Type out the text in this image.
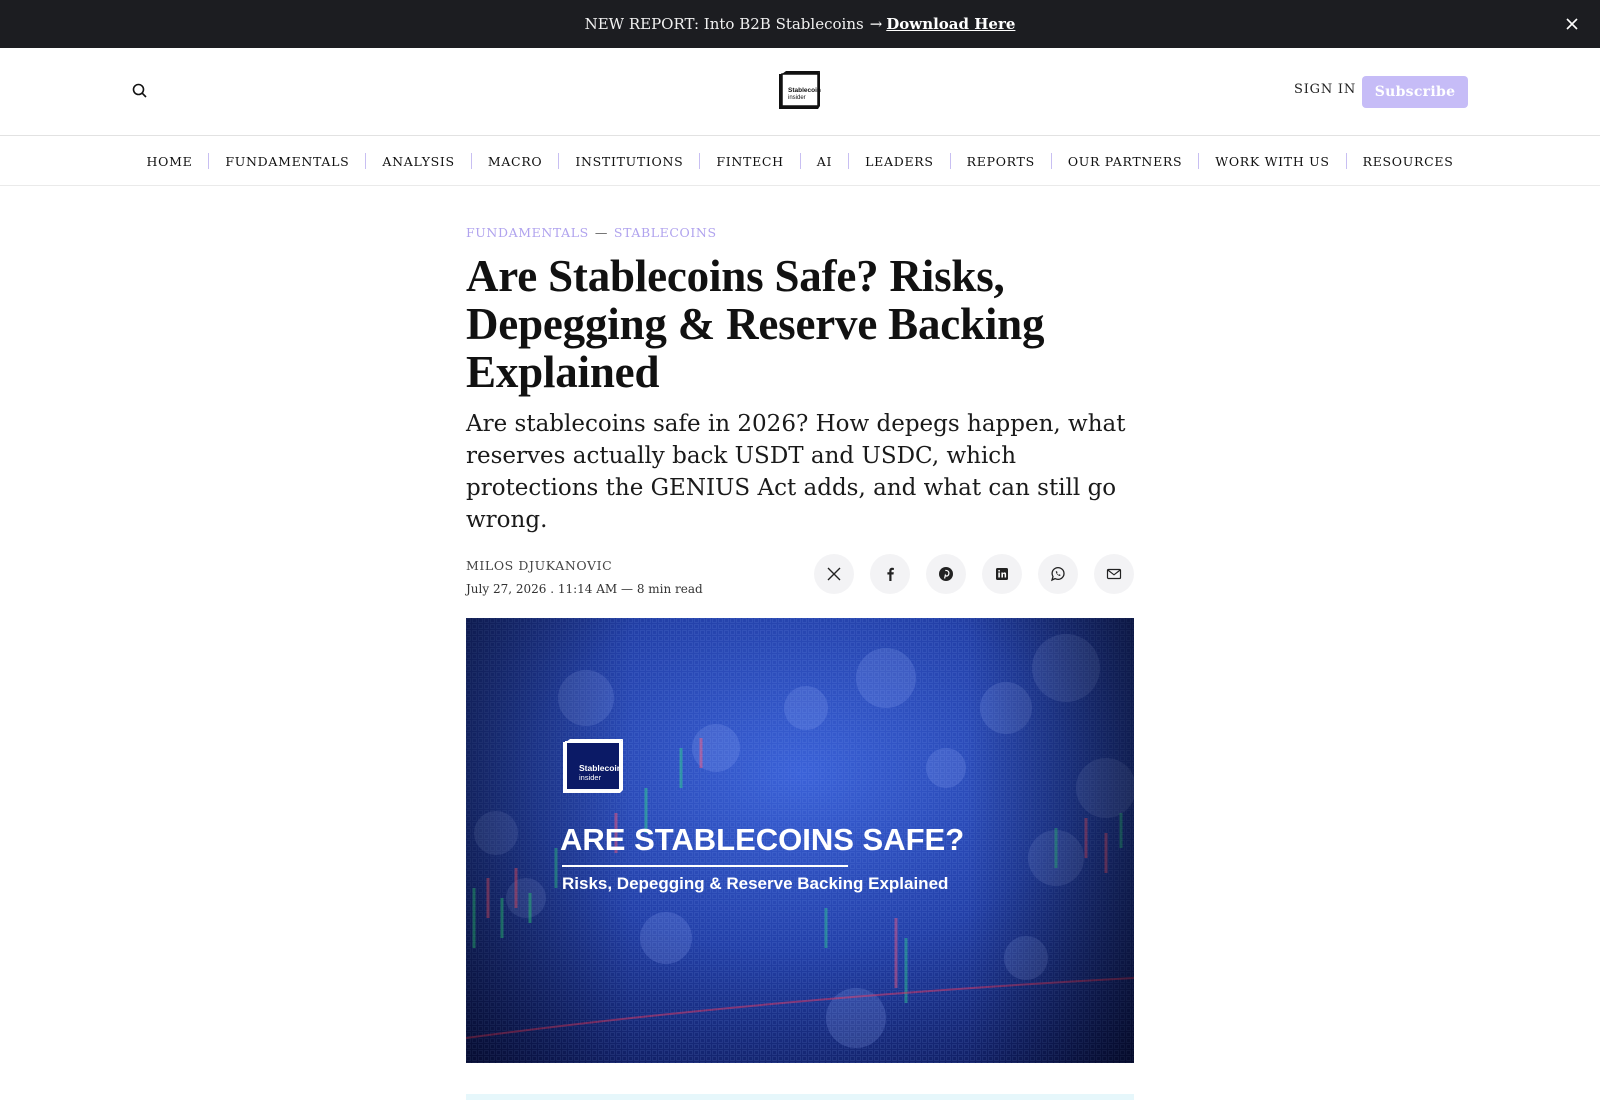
NEW REPORT: Into B2B Stablecoins → Download Here
Stablecoin
insider
SIGN IN	Subscribe
HOME	FUNDAMENTALS	ANALYSIS	MACRO	INSTITUTIONS	FINTECH	AI	LEADERS	REPORTS	OUR PARTNERS	WORK WITH US	RESOURCES
FUNDAMENTALS — STABLECOINS
Are Stablecoins Safe? Risks, Depegging & Reserve Backing Explained

Are stablecoins safe in 2026? How depegs happen, what reserves actually back USDT and USDC, which protections the GENIUS Act adds, and what can still go wrong.

MILOS DJUKANOVIC
July 27, 2026 . 11:14 AM — 8 min read
Stablecoin
insider
ARE STABLECOINS SAFE?
Risks, Depegging & Reserve Backing Explained
